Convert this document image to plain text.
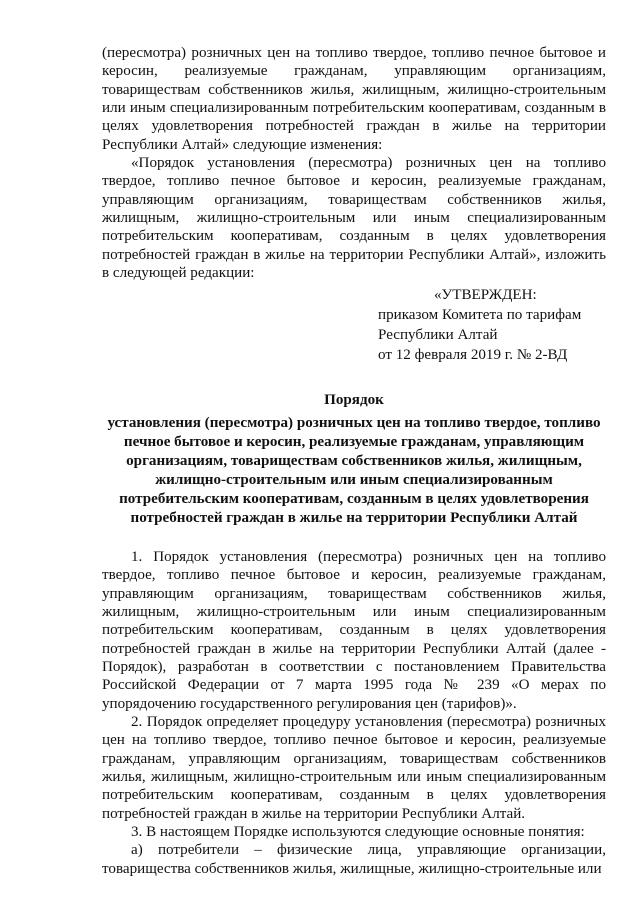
(пересмотра) розничных цен на топливо твердое, топливо печное бытовое и керосин, реализуемые гражданам, управляющим организациям, товариществам собственников жилья, жилищным, жилищно-строительным или иным специализированным потребительским кооперативам, созданным в целях удовлетворения потребностей граждан в жилье на территории Республики Алтай» следующие изменения:

«Порядок установления (пересмотра) розничных цен на топливо твердое, топливо печное бытовое и керосин, реализуемые гражданам, управляющим организациям, товариществам собственников жилья, жилищным, жилищно-строительным или иным специализированным потребительским кооперативам, созданным в целях удовлетворения потребностей граждан в жилье на территории Республики Алтай», изложить в следующей редакции:

«УТВЕРЖДЕН:
приказом Комитета по тарифам
Республики Алтай
от 12 февраля 2019 г. № 2-ВД

Порядок

установления (пересмотра) розничных цен на топливо твердое, топливо печное бытовое и керосин, реализуемые гражданам, управляющим организациям, товариществам собственников жилья, жилищным, жилищно-строительным или иным специализированным потребительским кооперативам, созданным в целях удовлетворения потребностей граждан в жилье на территории Республики Алтай

1. Порядок установления (пересмотра) розничных цен на топливо твердое, топливо печное бытовое и керосин, реализуемые гражданам, управляющим организациям, товариществам собственников жилья, жилищным, жилищно-строительным или иным специализированным потребительским кооперативам, созданным в целях удовлетворения потребностей граждан в жилье на территории Республики Алтай (далее - Порядок), разработан в соответствии с постановлением Правительства Российской Федерации от 7 марта 1995 года № 239 «О мерах по упорядочению государственного регулирования цен (тарифов)».

2. Порядок определяет процедуру установления (пересмотра) розничных цен на топливо твердое, топливо печное бытовое и керосин, реализуемые гражданам, управляющим организациям, товариществам собственников жилья, жилищным, жилищно-строительным или иным специализированным потребительским кооперативам, созданным в целях удовлетворения потребностей граждан в жилье на территории Республики Алтай.

3. В настоящем Порядке используются следующие основные понятия:

а) потребители – физические лица, управляющие организации, товарищества собственников жилья, жилищные, жилищно-строительные или
